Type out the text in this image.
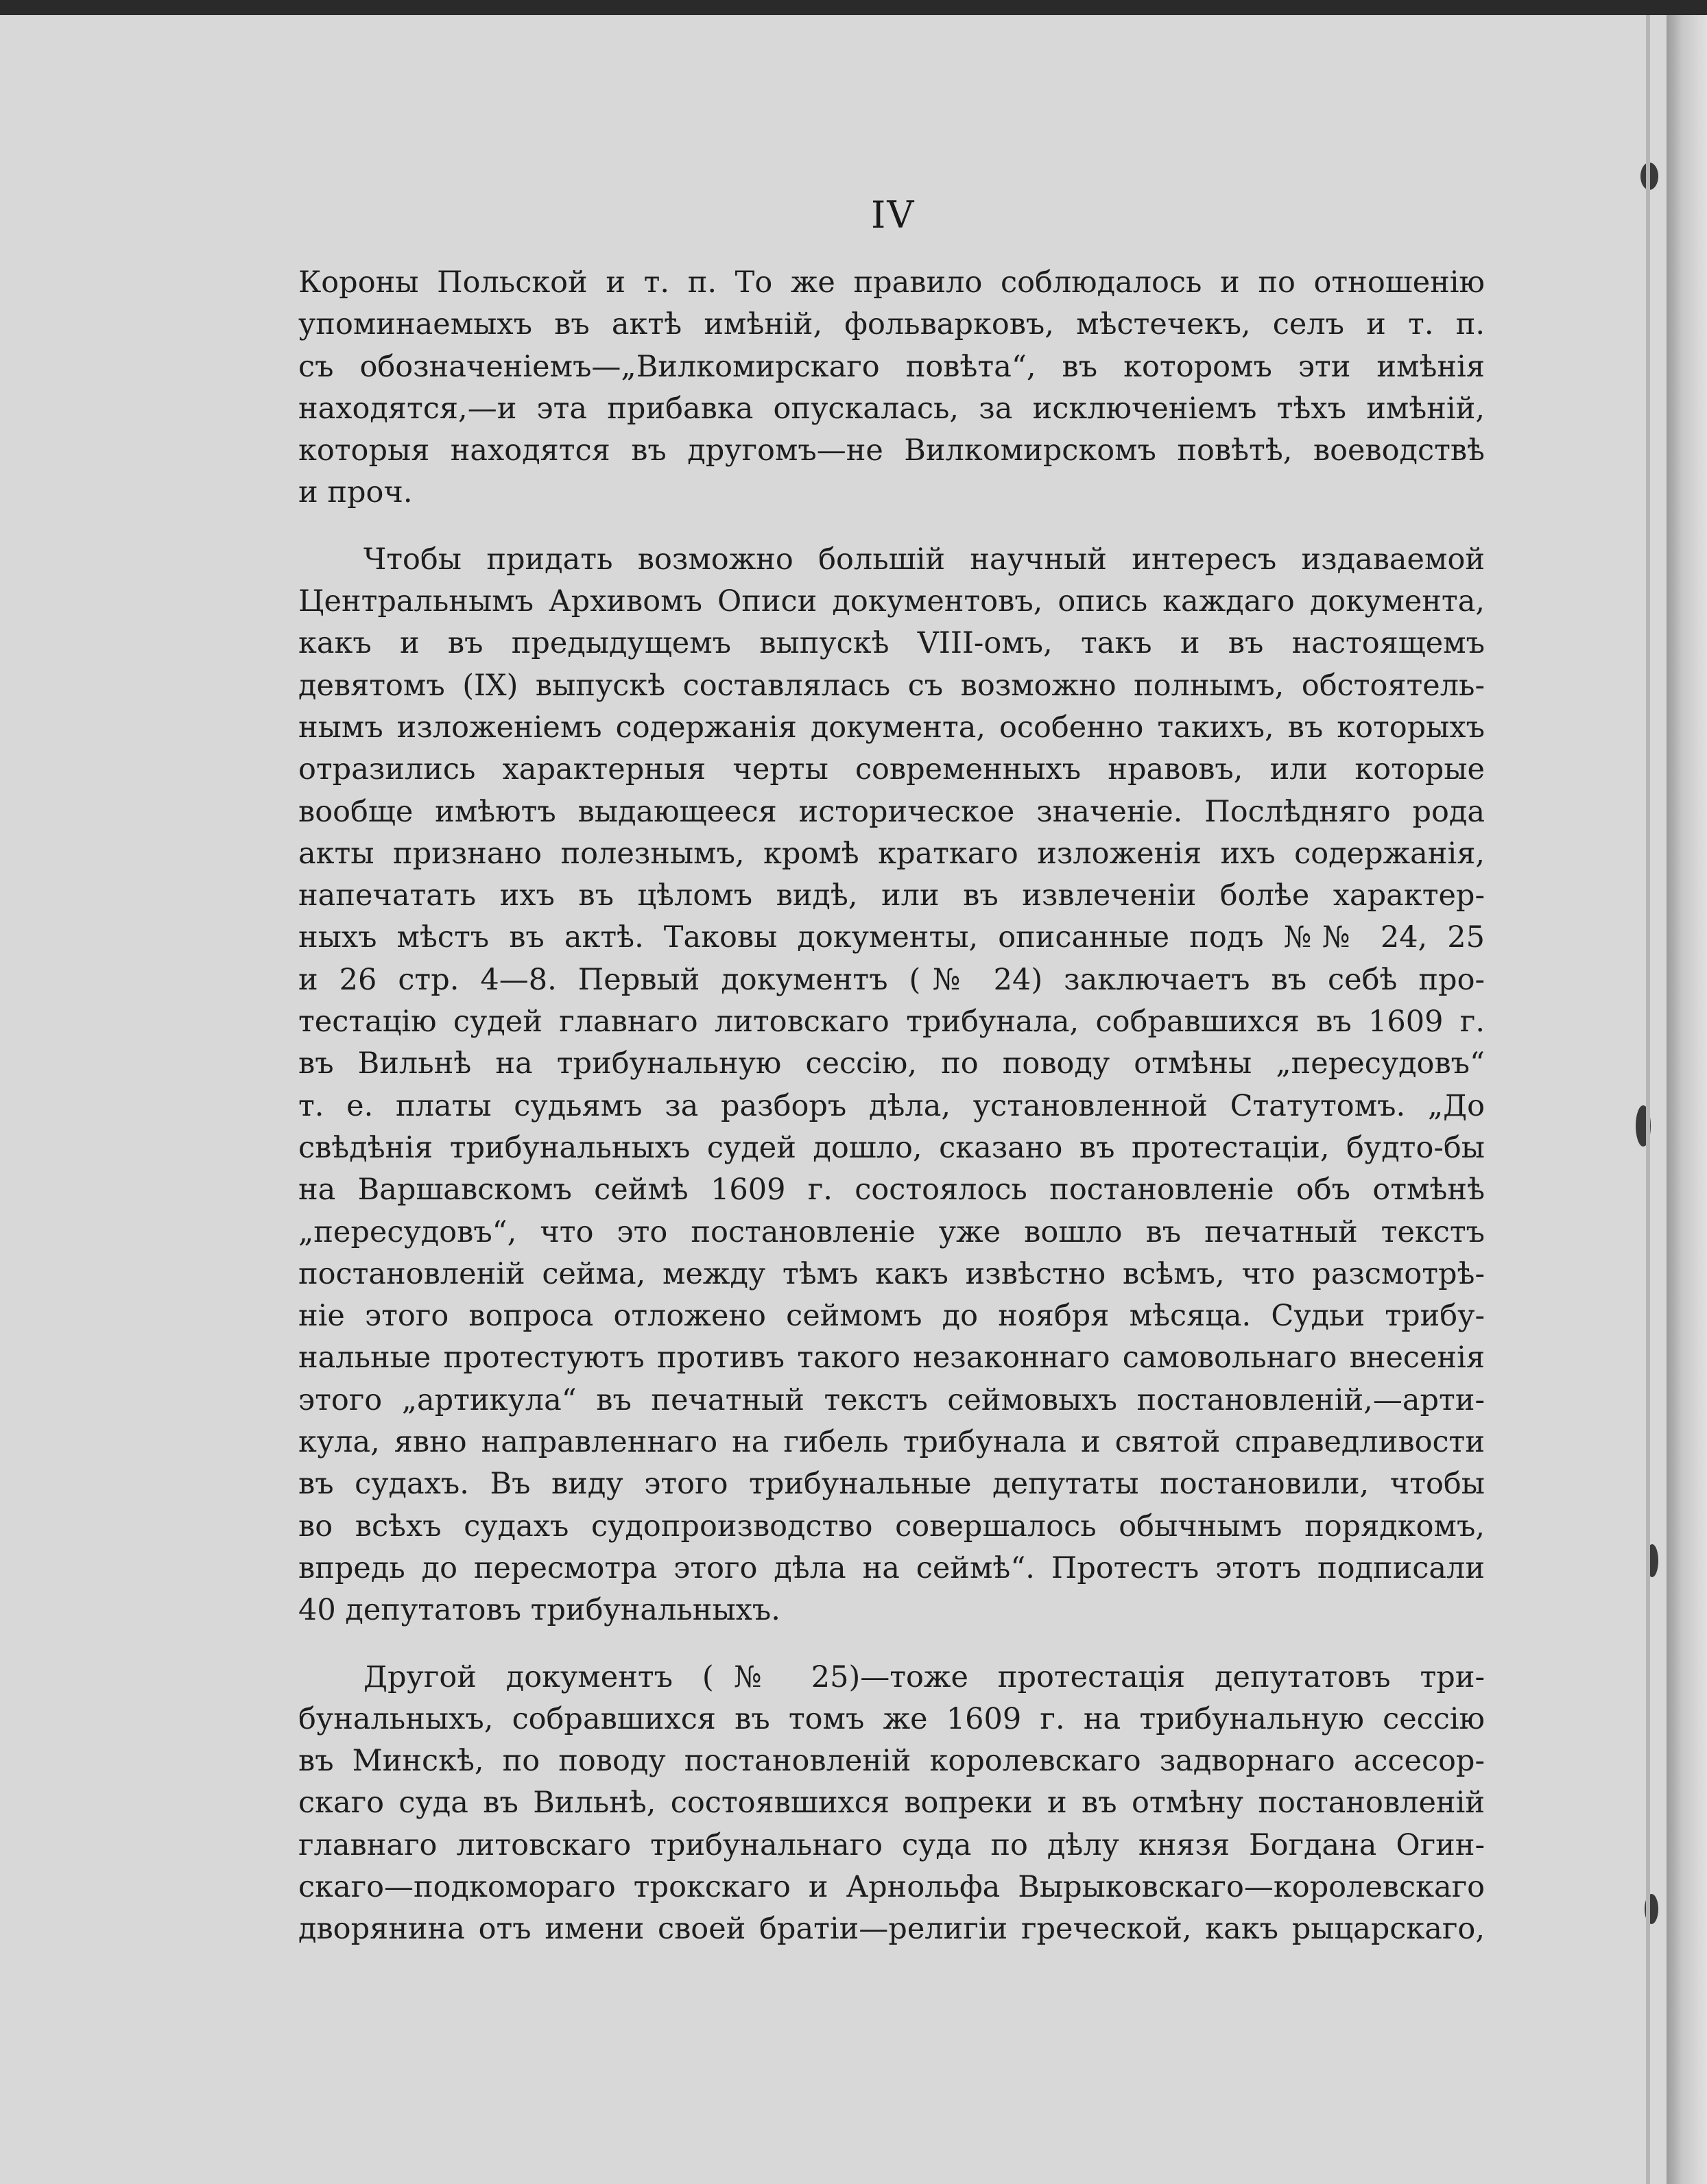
IV
Короны Польской и т. п. То же правило соблюдалось и по отношенію
упоминаемыхъ въ актѣ имѣній, фольварковъ, мѣстечекъ, селъ и т. п.
съ обозначеніемъ—„Вилкомирскаго повѣта“, въ которомъ эти имѣнія
находятся,—и эта прибавка опускалась, за исключеніемъ тѣхъ имѣній,
которыя находятся въ другомъ—не Вилкомирскомъ повѣтѣ, воеводствѣ
и проч.
Чтобы придать возможно большій научный интересъ издаваемой
Центральнымъ Архивомъ Описи документовъ, опись каждаго документа,
какъ и въ предыдущемъ выпускѣ VIII-омъ, такъ и въ настоящемъ
девятомъ (IX) выпускѣ составлялась съ возможно полнымъ, обстоятель-
нымъ изложеніемъ содержанія документа, особенно такихъ, въ которыхъ
отразились характерныя черты современныхъ нравовъ, или которые
вообще имѣютъ выдающееся историческое значеніе. Послѣдняго рода
акты признано полезнымъ, кромѣ краткаго изложенія ихъ содержанія,
напечатать ихъ въ цѣломъ видѣ, или въ извлеченіи болѣе характер-
ныхъ мѣстъ въ актѣ. Таковы документы, описанные подъ №№ 24, 25
и 26 стр. 4—8. Первый документъ (№ 24) заключаетъ въ себѣ про-
тестацію судей главнаго литовскаго трибунала, собравшихся въ 1609 г.
въ Вильнѣ на трибунальную сессію, по поводу отмѣны „пересудовъ“
т. е. платы судьямъ за разборъ дѣла, установленной Статутомъ. „До
свѣдѣнія трибунальныхъ судей дошло, сказано въ протестаціи, будто-бы
на Варшавскомъ сеймѣ 1609 г. состоялось постановленіе объ отмѣнѣ
„пересудовъ“, что это постановленіе уже вошло въ печатный текстъ
постановленій сейма, между тѣмъ какъ извѣстно всѣмъ, что разсмотрѣ-
ніе этого вопроса отложено сеймомъ до ноября мѣсяца. Судьи трибу-
нальные протестуютъ противъ такого незаконнаго самовольнаго внесенія
этого „артикула“ въ печатный текстъ сеймовыхъ постановленій,—арти-
кула, явно направленнаго на гибель трибунала и святой справедливости
въ судахъ. Въ виду этого трибунальные депутаты постановили, чтобы
во всѣхъ судахъ судопроизводство совершалось обычнымъ порядкомъ,
впредь до пересмотра этого дѣла на сеймѣ“. Протестъ этотъ подписали
40 депутатовъ трибунальныхъ.
Другой документъ (№ 25)—тоже протестація депутатовъ три-
бунальныхъ, собравшихся въ томъ же 1609 г. на трибунальную сессію
въ Минскѣ, по поводу постановленій королевскаго задворнаго ассесор-
скаго суда въ Вильнѣ, состоявшихся вопреки и въ отмѣну постановленій
главнаго литовскаго трибунальнаго суда по дѣлу князя Богдана Огин-
скаго—подкомораго трокскаго и Арнольфа Вырыковскаго—королевскаго
дворянина отъ имени своей братіи—религіи греческой, какъ рыцарскаго,
